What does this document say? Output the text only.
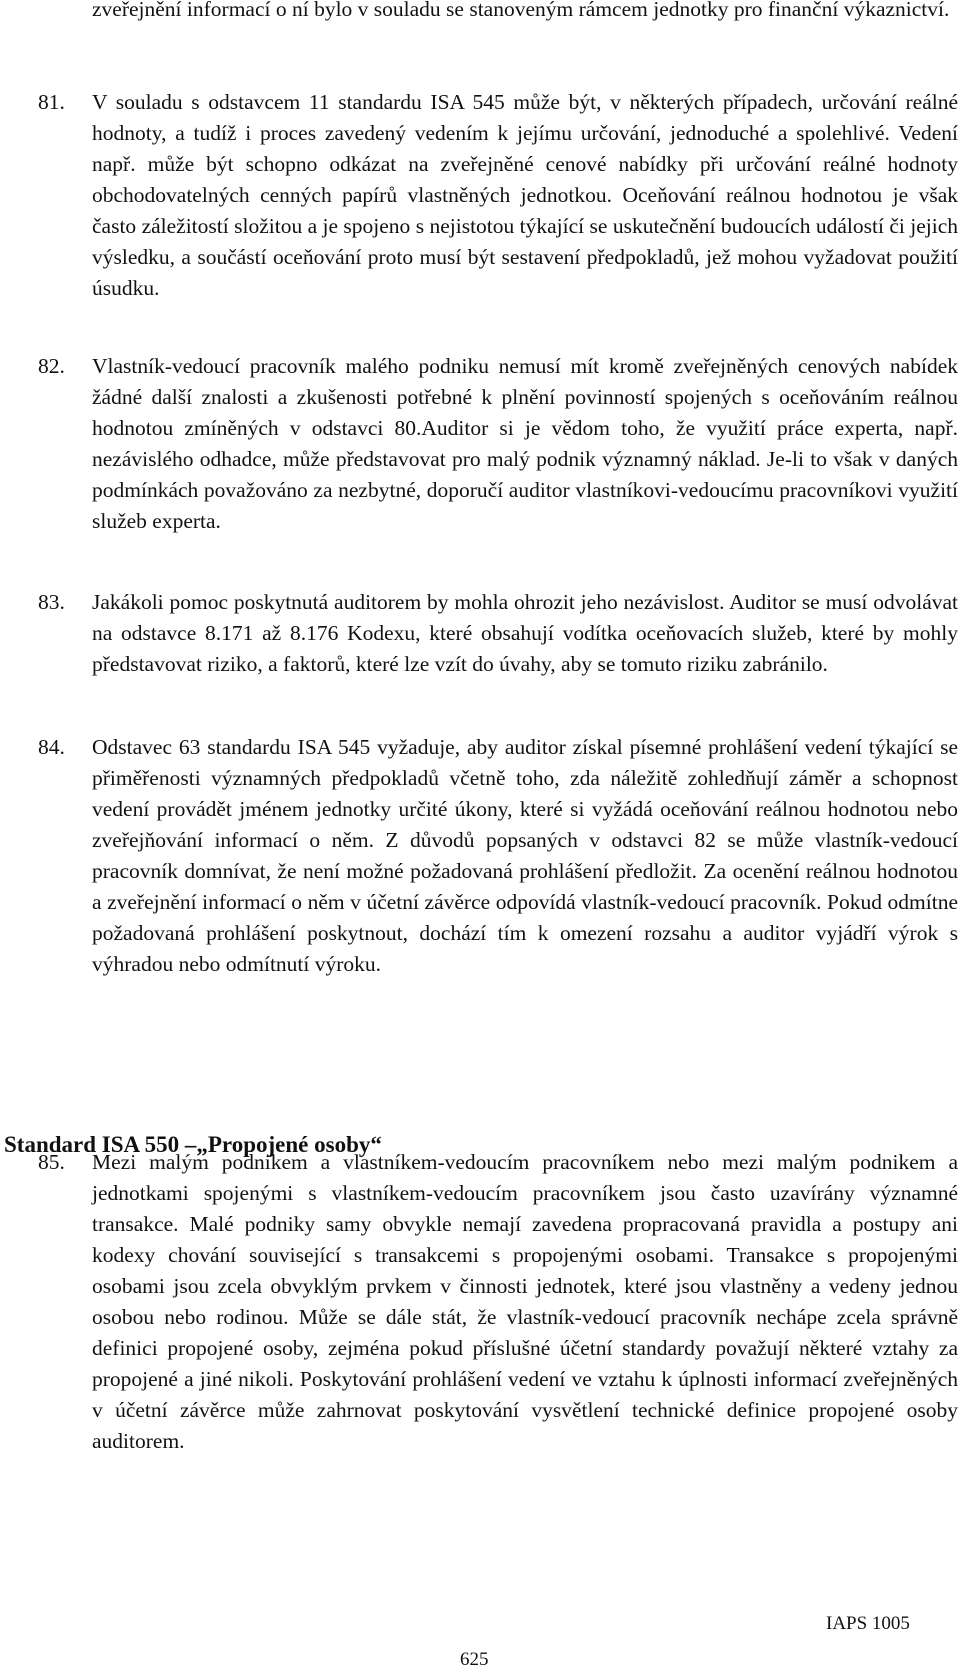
zveřejnění informací o ní bylo v souladu se stanoveným rámcem jednotky pro finanční výkaznictví.

81.	V souladu s odstavcem 11 standardu ISA 545 může být, v některých případech, určování reálné hodnoty, a tudíž i proces zavedený vedením k jejímu určování, jednoduché a spolehlivé. Vedení např. může být schopno odkázat na zveřejněné cenové nabídky při určování reálné hodnoty obchodovatelných cenných papírů vlastněných jednotkou. Oceňování reálnou hodnotou je však často záležitostí složitou a je spojeno s nejistotou týkající se uskutečnění budoucích událostí či jejich výsledku, a součástí oceňování proto musí být sestavení předpokladů, jež mohou vyžadovat použití úsudku.

82.	Vlastník-vedoucí pracovník malého podniku nemusí mít kromě zveřejněných cenových nabídek žádné další znalosti a zkušenosti potřebné k plnění povinností spojených s oceňováním reálnou hodnotou zmíněných v odstavci 80.Auditor si je vědom toho, že využití práce experta, např. nezávislého odhadce, může představovat pro malý podnik významný náklad. Je-li to však v daných podmínkách považováno za nezbytné, doporučí auditor vlastníkovi-vedoucímu pracovníkovi využití služeb experta.

83.	Jakákoli pomoc poskytnutá auditorem by mohla ohrozit jeho nezávislost. Auditor se musí odvolávat na odstavce 8.171 až 8.176 Kodexu, které obsahují vodítka oceňovacích služeb, které by mohly představovat riziko, a faktorů, které lze vzít do úvahy, aby se tomuto riziku zabránilo.

84.	Odstavec 63 standardu ISA 545 vyžaduje, aby auditor získal písemné prohlášení vedení týkající se přiměřenosti významných předpokladů včetně toho, zda náležitě zohledňují záměr a schopnost vedení provádět jménem jednotky určité úkony, které si vyžádá oceňování reálnou hodnotou nebo zveřejňování informací o něm. Z důvodů popsaných v odstavci 82 se může vlastník-vedoucí pracovník domnívat, že není možné požadovaná prohlášení předložit. Za ocenění reálnou hodnotou a zveřejnění informací o něm v účetní závěrce odpovídá vlastník-vedoucí pracovník. Pokud odmítne požadovaná prohlášení poskytnout, dochází tím k omezení rozsahu a auditor vyjádří výrok s výhradou nebo odmítnutí výroku.

Standard ISA 550 –„Propojené osoby“
85.	Mezi malým podnikem a vlastníkem-vedoucím pracovníkem nebo mezi malým podnikem a jednotkami spojenými s vlastníkem-vedoucím pracovníkem jsou často uzavírány významné transakce. Malé podniky samy obvykle nemají zavedena propracovaná pravidla a postupy ani kodexy chování související s transakcemi s propojenými osobami. Transakce s propojenými osobami jsou zcela obvyklým prvkem v činnosti jednotek, které jsou vlastněny a vedeny jednou osobou nebo rodinou. Může se dále stát, že vlastník-vedoucí pracovník nechápe zcela správně definici propojené osoby, zejména pokud příslušné účetní standardy považují některé vztahy za propojené a jiné nikoli. Poskytování prohlášení vedení ve vztahu k úplnosti informací zveřejněných v účetní závěrce může zahrnovat poskytování vysvětlení technické definice propojené osoby auditorem.

IAPS 1005

625
